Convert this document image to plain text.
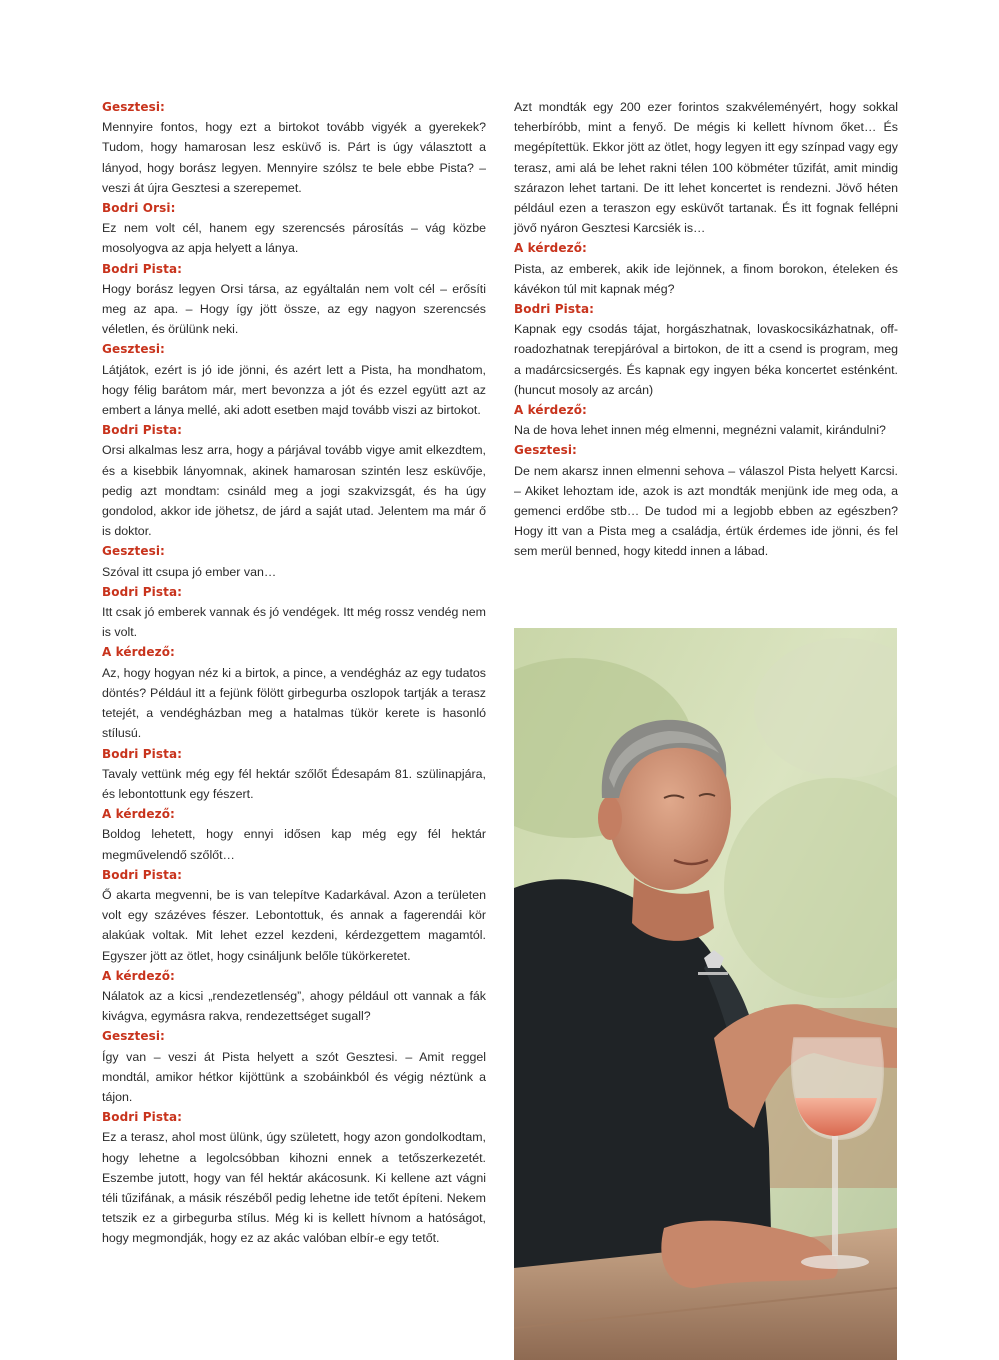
Gesztesi:

Mennyire fontos, hogy ezt a birtokot tovább vigyék a gyerekek? Tudom, hogy hamarosan lesz esküvő is. Párt is úgy választott a lányod, hogy borász legyen. Mennyire szólsz te bele ebbe Pista? – veszi át újra Gesztesi a szerepemet.

Bodri Orsi:

Ez nem volt cél, hanem egy szerencsés párosítás – vág közbe mosolyogva az apja helyett a lánya.

Bodri Pista:

Hogy borász legyen Orsi társa, az egyáltalán nem volt cél – erősíti meg az apa. – Hogy így jött össze, az egy nagyon szerencsés véletlen, és örülünk neki.

Gesztesi:

Látjátok, ezért is jó ide jönni, és azért lett a Pista, ha mondhatom, hogy félig barátom már, mert bevonzza a jót és ezzel együtt azt az embert a lánya mellé, aki adott esetben majd tovább viszi az birtokot.

Bodri Pista:

Orsi alkalmas lesz arra, hogy a párjával tovább vigye amit elkezdtem, és a kisebbik lányomnak, akinek hamarosan szintén lesz esküvője, pedig azt mondtam: csináld meg a jogi szakvizsgát, és ha úgy gondolod, akkor ide jöhetsz, de járd a saját utad. Jelentem ma már ő is doktor.

Gesztesi:

Szóval itt csupa jó ember van…

Bodri Pista:

Itt csak jó emberek vannak és jó vendégek. Itt még rossz vendég nem is volt.

A kérdező:

Az, hogy hogyan néz ki a birtok, a pince, a vendégház az egy tudatos döntés? Például itt a fejünk fölött girbegurba oszlopok tartják a terasz tetejét, a vendégházban meg a hatalmas tükör kerete is hasonló stílusú.

Bodri Pista:

Tavaly vettünk még egy fél hektár szőlőt Édesapám 81. szülinapjára, és lebontottunk egy fészert.

A kérdező:

Boldog lehetett, hogy ennyi idősen kap még egy fél hektár megművelendő szőlőt…

Bodri Pista:

Ő akarta megvenni, be is van telepítve Kadarkával. Azon a területen volt egy százéves fészer. Lebontottuk, és annak a fagerendái kör alakúak voltak. Mit lehet ezzel kezdeni, kérdezgettem magamtól. Egyszer jött az ötlet, hogy csináljunk belőle tükörkeretet.

A kérdező:

Nálatok az a kicsi „rendezetlenség”, ahogy például ott vannak a fák kivágva, egymásra rakva, rendezettséget sugall?

Gesztesi:

Így van – veszi át Pista helyett a szót Gesztesi. – Amit reggel mondtál, amikor hétkor kijöttünk a szobáinkból és végig néztünk a tájon.

Bodri Pista:

Ez a terasz, ahol most ülünk, úgy született, hogy azon gondolkodtam, hogy lehetne a legolcsóbban kihozni ennek a tetőszerkezetét. Eszembe jutott, hogy van fél hektár akácosunk. Ki kellene azt vágni téli tűzifának, a másik részéből pedig lehetne ide tetőt építeni. Nekem tetszik ez a girbegurba stílus. Még ki is kellett hívnom a hatóságot, hogy megmondják, hogy ez az akác valóban elbír-e egy tetőt.

Azt mondták egy 200 ezer forintos szakvéleményért, hogy sokkal teherbíróbb, mint a fenyő. De mégis ki kellett hívnom őket… És megépítettük. Ekkor jött az ötlet, hogy legyen itt egy színpad vagy egy terasz, ami alá be lehet rakni télen 100 köbméter tűzifát, amit mindig szárazon lehet tartani. De itt lehet koncertet is rendezni. Jövő héten például ezen a teraszon egy esküvőt tartanak. És itt fognak fellépni jövő nyáron Gesztesi Karcsiék is…

A kérdező:

Pista, az emberek, akik ide lejönnek, a finom borokon, ételeken és kávékon túl mit kapnak még?

Bodri Pista:

Kapnak egy csodás tájat, horgászhatnak, lovaskocsikázhatnak, off-roadozhatnak terepjáróval a birtokon, de itt a csend is program, meg a madárcsicsergés. És kapnak egy ingyen béka koncertet esténként. (huncut mosoly az arcán)

A kérdező:

Na de hova lehet innen még elmenni, megnézni valamit, kirándulni?

Gesztesi:

De nem akarsz innen elmenni sehova – válaszol Pista helyett Karcsi. – Akiket lehoztam ide, azok is azt mondták menjünk ide meg oda, a gemenci erdőbe stb… De tudod mi a legjobb ebben az egészben? Hogy itt van a Pista meg a családja, értük érdemes ide jönni, és fel sem merül benned, hogy kitedd innen a lábad.
